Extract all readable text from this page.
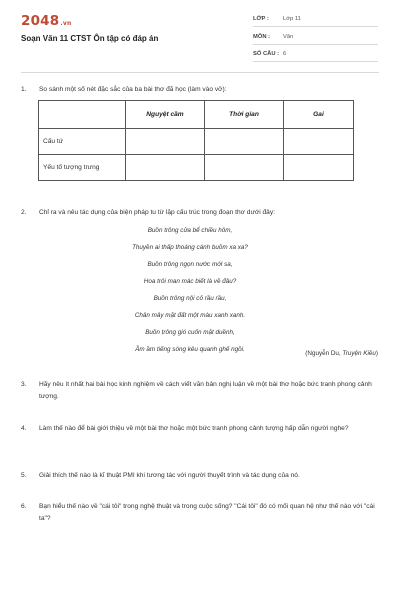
2048.vn
Soạn Văn 11 CTST Ôn tập có đáp án
LỚP : Lớp 11
MÔN : Văn
SỐ CÂU : 6
1. So sánh một số nét đặc sắc của ba bài thơ đã học (làm vào vở):
	Nguyệt cầm	Thời gian	Gai
Cấu tứ			
Yếu tố tượng trưng			
2. Chỉ ra và nêu tác dụng của biện pháp tu từ lặp cấu trúc trong đoạn thơ dưới đây:
Buồn trông cửa bể chiều hôm,
Thuyền ai thấp thoáng cánh buồm xa xa?
Buồn trông ngọn nước mới sa,
Hoa trôi man mác biết là về đâu?
Buồn trông nội cỏ rầu rầu,
Chân mây mặt đất một màu xanh xanh.
Buồn trông gió cuốn mặt duềnh,
Ầm ầm tiếng sóng kêu quanh ghế ngồi.
(Nguyễn Du, Truyện Kiều)
3. Hãy nêu ít nhất hai bài học kinh nghiệm về cách viết văn bản nghị luận về một bài thơ hoặc bức tranh phong cảnh tượng.
4. Làm thế nào để bài giới thiệu về một bài thơ hoặc một bức tranh phong cảnh tượng hấp dẫn người nghe?
5. Giải thích thế nào là kĩ thuật PMI khi tương tác với người thuyết trình và tác dụng của nó.
6. Bạn hiểu thế nào về "cái tôi" trong nghệ thuật và trong cuộc sống? "Cái tôi" đó có mối quan hệ như thế nào với "cái ta"?
